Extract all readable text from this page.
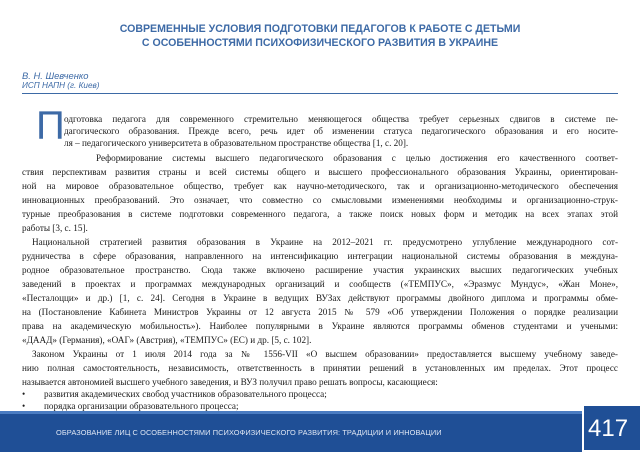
СОВРЕМЕННЫЕ УСЛОВИЯ ПОДГОТОВКИ ПЕДАГОГОВ К РАБОТЕ С ДЕТЬМИ
С ОСОБЕННОСТЯМИ ПСИХОФИЗИЧЕСКОГО РАЗВИТИЯ В УКРАИНЕ
В. Н. Шевченко
ИСП НАПН (г. Киев)
П одготовка педагога для современного стремительно меняющегося общества требует серьезных сдвигов в системе пе-
дагогического образования. Прежде всего, речь идет об изменении статуса педагогического образования и его носите-
ля – педагогического университета в образовательном пространстве общества [1, с. 20].
Реформирование системы высшего педагогического образования с целью достижения его качественного соответ-
ствия перспективам развития страны и всей системы общего и высшего профессионального образования Украины, ориентирован-
ной на мировое образовательное общество, требует как научно-методического, так и организационно-методического обеспечения
инновационных преобразований. Это означает, что совместно со смысловыми изменениями необходимы и организационно-струк-
турные преобразования в системе подготовки современного педагога, а также поиск новых форм и методик на всех этапах этой
работы [3, с. 15].
Национальной стратегией развития образования в Украине на 2012–2021 гг. предусмотрено углубление международного сот-
рудничества в сфере образования, направленного на интенсификацию интеграции национальной системы образования в междуна-
родное образовательное пространство. Сюда также включено расширение участия украинских высших педагогических учебных
заведений в проектах и программах международных организаций и сообществ («ТЕМПУС», «Эразмус Мундус», «Жан Моне»,
«Песталоцци» и др.) [1, с. 24]. Сегодня в Украине в ведущих ВУЗах действуют программы двойного диплома и программы обме-
на (Постановление Кабинета Министров Украины от 12 августа 2015 № 579 «Об утверждении Положения о порядке реализации
права на академическую мобильность»). Наиболее популярными в Украине являются программы обменов студентами и учеными:
«ДААД» (Германия), «ОАГ» (Австрия), «ТЕМПУС» (ЕС) и др. [5, с. 102].
Законом Украины от 1 июля 2014 года за № 1556-VII «О высшем образовании» предоставляется высшему учебному заведе-
нию полная самостоятельность, независимость, ответственность в принятии решений в установленных им пределах. Этот процесс
называется автономией высшего учебного заведения, и ВУЗ получил право решать вопросы, касающиеся:
• развития академических свобод участников образовательного процесса;
• порядка организации образовательного процесса;
ОБРАЗОВАНИЕ ЛИЦ С ОСОБЕННОСТЯМИ ПСИХОФИЗИЧЕСКОГО РАЗВИТИЯ: ТРАДИЦИИ И ИННОВАЦИИ	417
